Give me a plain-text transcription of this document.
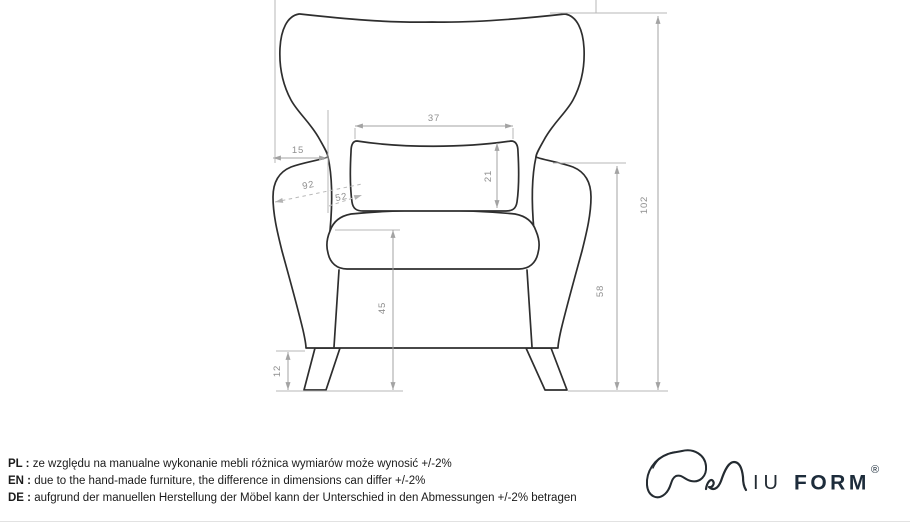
15
37
21
92
52
45
12
58
102
PL : ze względu na manualne wykonanie mebli różnica wymiarów może wynosić +/-2%
EN : due to the hand-made furniture, the difference in dimensions can differ +/-2%
DE : aufgrund der manuellen Herstellung der Möbel kann der Unterschied in den Abmessungen +/-2% betragen
IU FORM
®
